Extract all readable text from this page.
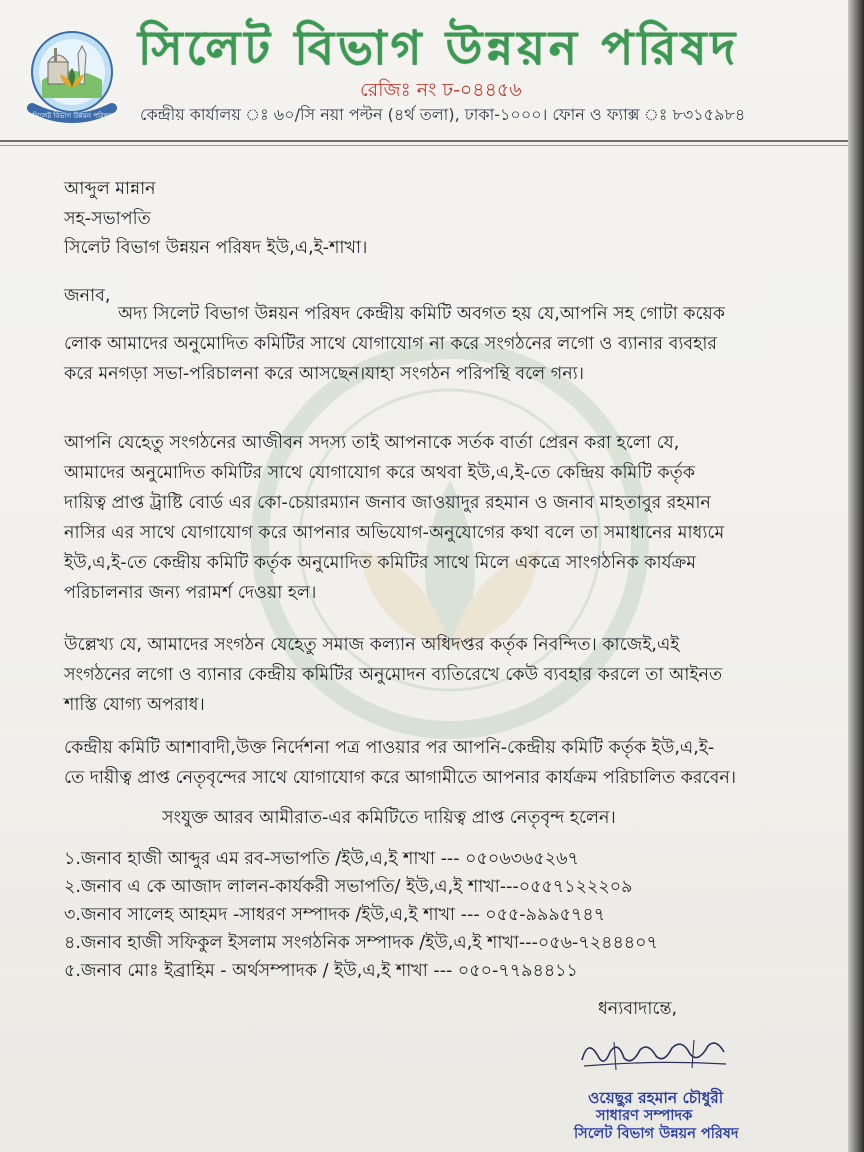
সিলেট বিভাগ উন্নয়ন পরিষদ
সিলেট বিভাগ উন্নয়ন পরিষদ
রেজিঃ নং ঢ-০৪৪৫৬
কেন্দ্রীয় কার্যালয় ঃ ৬০/সি নয়া পল্টন (৪র্থ তলা), ঢাকা-১০০০। ফোন ও ফ্যাক্স ঃ ৮৩১৫৯৮৪
আব্দুল মান্নান
সহ-সভাপতি
সিলেট বিভাগ উন্নয়ন পরিষদ ইউ,এ,ই-শাখা।
জনাব,
অদ্য সিলেট বিভাগ উন্নয়ন পরিষদ কেন্দ্রীয় কমিটি অবগত হয় যে,আপনি সহ গোটা কয়েক
লোক আমাদের অনুমোদিত কমিটির সাথে যোগাযোগ না করে সংগঠনের লগো ও ব্যানার ব্যবহার
করে মনগড়া সভা-পরিচালনা করে আসছেন।যাহা সংগঠন পরিপন্থি বলে গন্য।
আপনি যেহেতু সংগঠনের আজীবন সদস্য তাই আপনাকে সর্তক বার্তা প্রেরন করা হলো যে,
আমাদের অনুমোদিত কমিটির সাথে যোগাযোগ করে অথবা ইউ,এ,ই-তে কেন্দ্রিয় কমিটি কর্তৃক
দায়িত্ব প্রাপ্ত ট্রাষ্টি বোর্ড এর কো-চেয়ারম্যান জনাব জাওয়াদুর রহমান ও জনাব মাহতাবুর রহমান
নাসির এর সাথে যোগাযোগ করে আপনার অভিযোগ-অনুযোগের কথা বলে তা সমাধানের মাধ্যমে
ইউ,এ,ই-তে কেন্দ্রীয় কমিটি কর্তৃক অনুমোদিত কমিটির সাথে মিলে একত্রে সাংগঠনিক কার্যক্রম
পরিচালনার জন্য পরামর্শ দেওয়া হল।
উল্লেখ্য যে, আমাদের সংগঠন যেহেতু সমাজ কল্যান অধিদপ্তর কর্তৃক নিবন্দিত। কাজেই,এই
সংগঠনের লগো ও ব্যানার কেন্দ্রীয় কমিটির অনুমোদন ব্যতিরেখে কেউ ব্যবহার করলে তা আইনত
শাস্তি যোগ্য অপরাধ।
কেন্দ্রীয় কমিটি আশাবাদী,উক্ত নির্দেশনা পত্র পাওয়ার পর আপনি-কেন্দ্রীয় কমিটি কর্তৃক ইউ,এ,ই-
তে দায়ীত্ব প্রাপ্ত নেতৃবৃন্দের সাথে যোগাযোগ করে আগামীতে আপনার কার্যক্রম পরিচালিত করবেন।
সংযুক্ত আরব আমীরাত-এর কমিটিতে দায়িত্ব প্রাপ্ত নেতৃবৃন্দ হলেন।
১.জনাব হাজী আব্দুর এম রব-সভাপতি /ইউ,এ,ই শাখা --- ০৫০৬৩৬৫২৬৭
২.জনাব এ কে আজাদ লালন-কার্যকরী সভাপতি/ ইউ,এ,ই শাখা---০৫৫৭১২২২০৯
৩.জনাব সালেহ আহমদ -সাধরণ সম্পাদক /ইউ,এ,ই শাখা --- ০৫৫-৯৯৯৫৭৪৭
৪.জনাব হাজী সফিকুল ইসলাম সংগঠনিক সম্পাদক /ইউ,এ,ই শাখা---০৫৬-৭২৪৪৪০৭
৫.জনাব মোঃ ইব্রাহিম - অর্থসম্পাদক / ইউ,এ,ই শাখা --- ০৫০-৭৭৯৪৪১১
ধন্যবাদান্তে,
ওয়েছুর রহমান চৌধুরী
সাধারণ সম্পাদক
সিলেট বিভাগ উন্নয়ন পরিষদ
